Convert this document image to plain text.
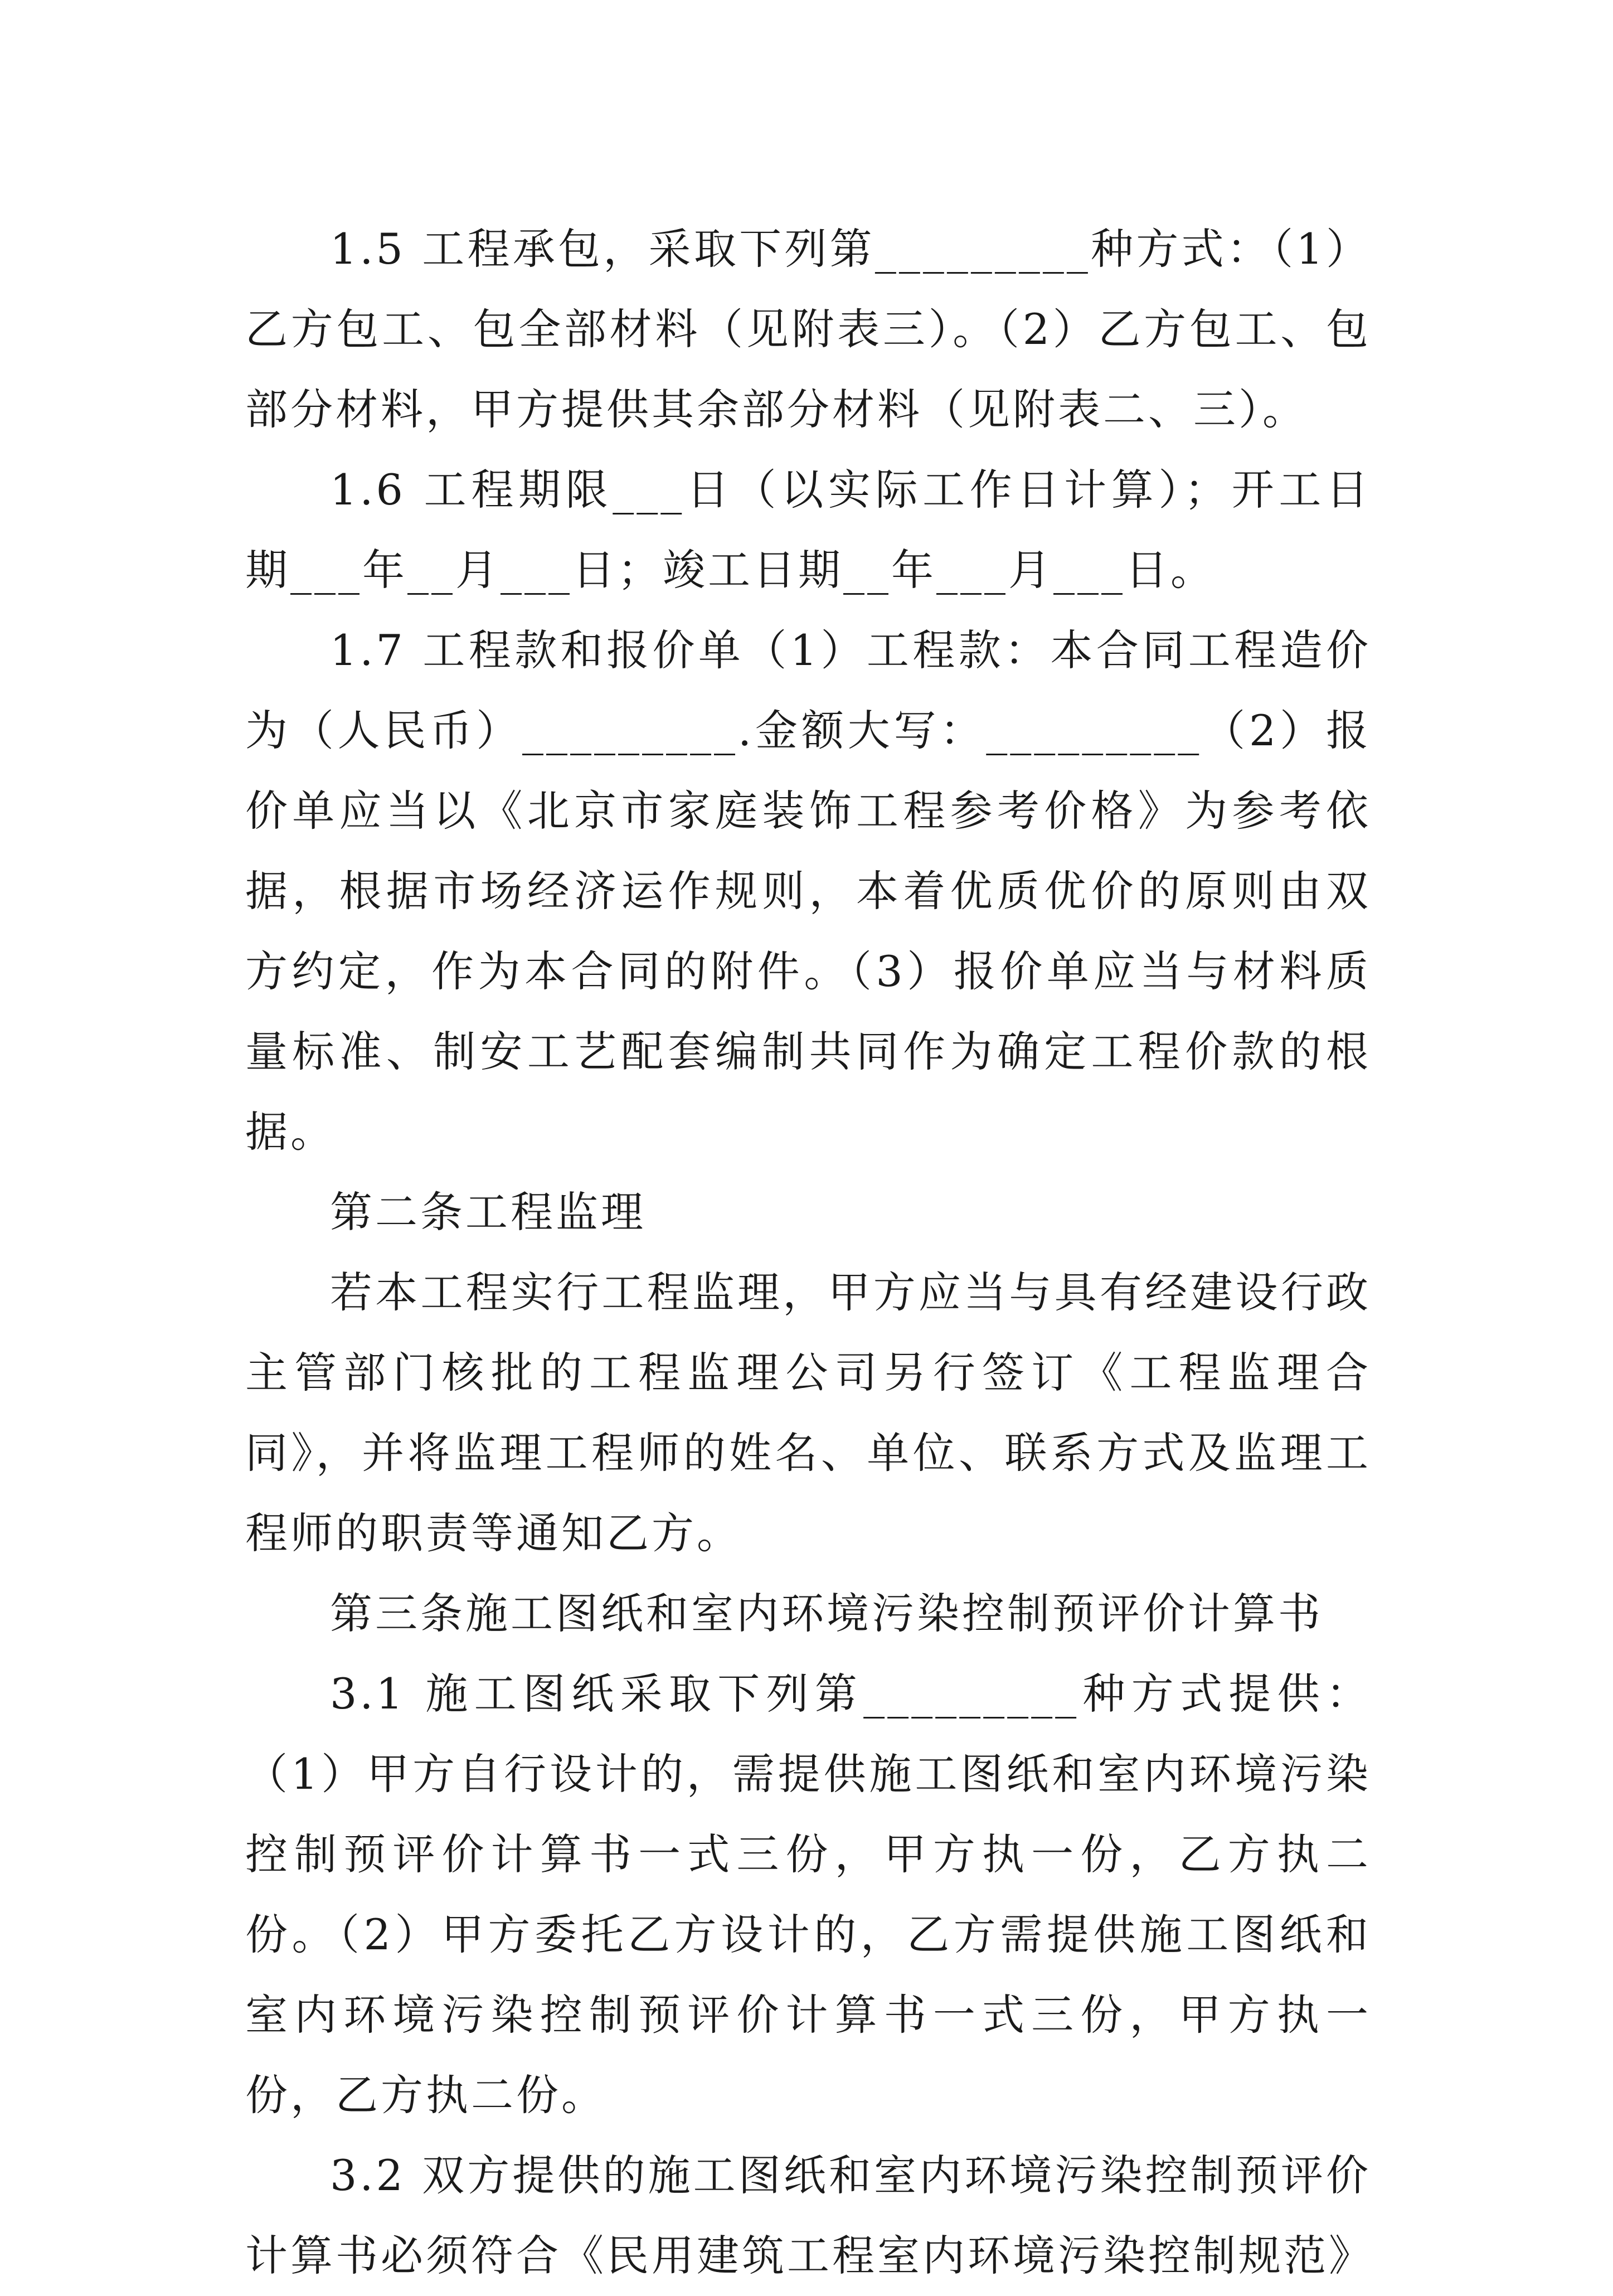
1.5 工程承包，采取下列第_________种方式：（1）乙方包工、包全部材料（见附表三）。（2）乙方包工、包部分材料，甲方提供其余部分材料（见附表二、三）。

1.6 工程期限___日（以实际工作日计算）；开工日期___年__月___日；竣工日期__年___月___日。

1.7 工程款和报价单（1）工程款：本合同工程造价为（人民币）_________.金额大写：_________（2）报价单应当以《北京市家庭装饰工程参考价格》为参考依据，根据市场经济运作规则，本着优质优价的原则由双方约定，作为本合同的附件。（3）报价单应当与材料质量标准、制安工艺配套编制共同作为确定工程价款的根据。

第二条工程监理

若本工程实行工程监理，甲方应当与具有经建设行政主管部门核批的工程监理公司另行签订《工程监理合同》，并将监理工程师的姓名、单位、联系方式及监理工程师的职责等通知乙方。

第三条施工图纸和室内环境污染控制预评价计算书

3.1 施工图纸采取下列第_________种方式提供：（1）甲方自行设计的，需提供施工图纸和室内环境污染控制预评价计算书一式三份，甲方执一份，乙方执二份。（2）甲方委托乙方设计的，乙方需提供施工图纸和室内环境污染控制预评价计算书一式三份，甲方执一份，乙方执二份。

3.2 双方提供的施工图纸和室内环境污染控制预评价计算书必须符合《民用建筑工程室内环境污染控制规范》
